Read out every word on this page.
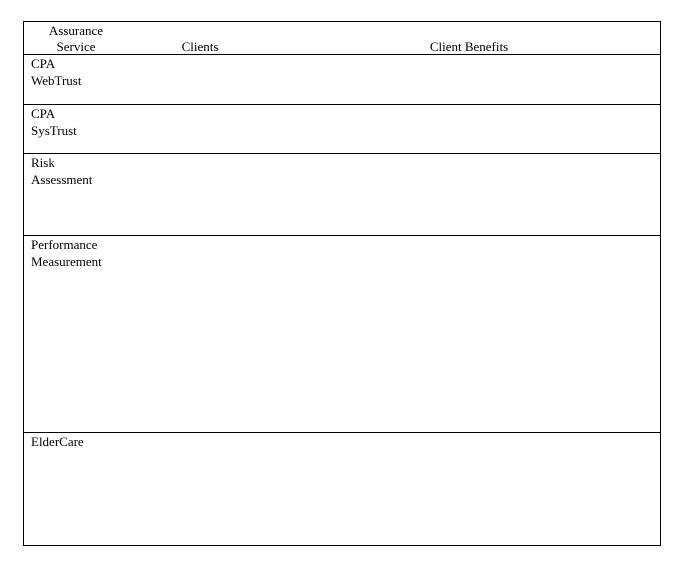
Assurance
Service	Clients	Client Benefits
CPA
WebTrust
CPA
SysTrust
Risk
Assessment
Performance
Measurement
ElderCare
